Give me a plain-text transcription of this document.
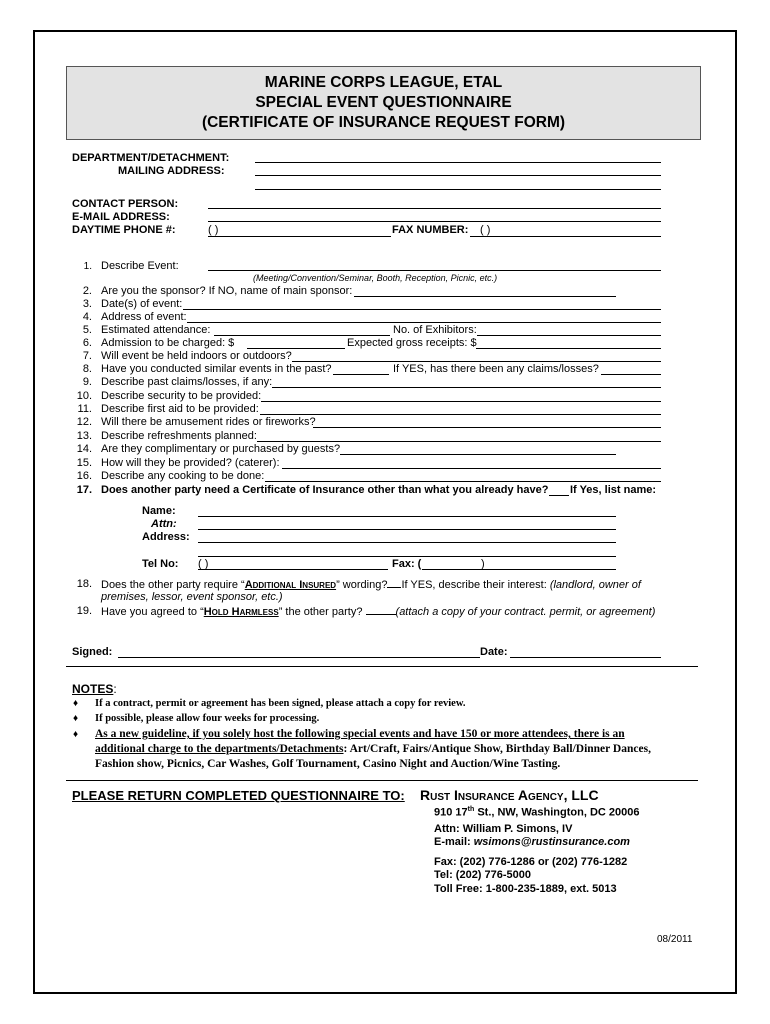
MARINE CORPS LEAGUE, ETAL
SPECIAL EVENT QUESTIONNAIRE
(CERTIFICATE OF INSURANCE REQUEST FORM)
DEPARTMENT/DETACHMENT:
MAILING ADDRESS:
CONTACT PERSON:
E-MAIL ADDRESS:
DAYTIME PHONE #:	( )	FAX NUMBER: ( )
1. Describe Event:
(Meeting/Convention/Seminar, Booth, Reception, Picnic, etc.)
2. Are you the sponsor? If NO, name of main sponsor:
3. Date(s) of event:
4. Address of event:
5. Estimated attendance:	No. of Exhibitors:
6. Admission to be charged: $	Expected gross receipts: $
7. Will event be held indoors or outdoors?
8. Have you conducted similar events in the past?	If YES, has there been any claims/losses?
9. Describe past claims/losses, if any:
10. Describe security to be provided:
11. Describe first aid to be provided:
12. Will there be amusement rides or fireworks?
13. Describe refreshments planned:
14. Are they complimentary or purchased by guests?
15. How will they be provided? (caterer):
16. Describe any cooking to be done:
17. Does another party need a Certificate of Insurance other than what you already have? If Yes, list name:
Name:
Attn:
Address:
Tel No: ( )	Fax: (	)
18. Does the other party require “Additional Insured” wording? If YES, describe their interest: (landlord, owner of
premises, lessor, event sponsor, etc.)
19. Have you agreed to “Hold Harmless” the other party?	(attach a copy of your contract. permit, or agreement)
Signed:	Date:
NOTES:
♦ If a contract, permit or agreement has been signed, please attach a copy for review.
♦ If possible, please allow four weeks for processing.
♦ As a new guideline, if you solely host the following special events and have 150 or more attendees, there is an
additional charge to the departments/Detachments: Art/Craft, Fairs/Antique Show, Birthday Ball/Dinner Dances,
Fashion show, Picnics, Car Washes, Golf Tournament, Casino Night and Auction/Wine Tasting.
PLEASE RETURN COMPLETED QUESTIONNAIRE TO: Rust Insurance Agency, LLC
910 17th St., NW, Washington, DC 20006
Attn: William P. Simons, IV
E-mail: wsimons@rustinsurance.com
Fax: (202) 776-1286 or (202) 776-1282
Tel: (202) 776-5000
Toll Free: 1-800-235-1889, ext. 5013
08/2011
